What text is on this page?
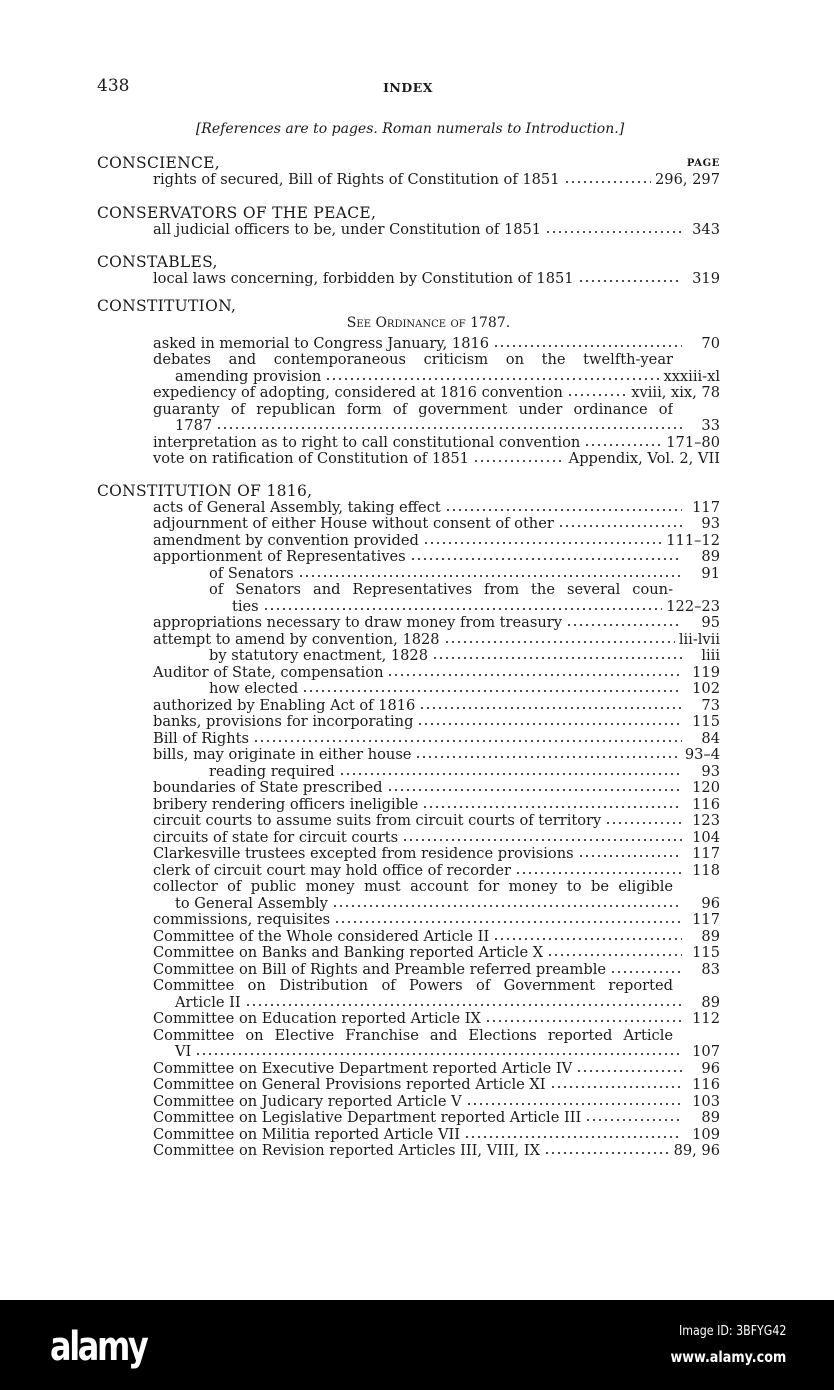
438	INDEX
[References are to pages. Roman numerals to Introduction.]
CONSCIENCE,	PAGE
rights of secured, Bill of Rights of Constitution of 1851	296, 297
CONSERVATORS OF THE PEACE,
all judicial officers to be, under Constitution of 1851	343
CONSTABLES,
local laws concerning, forbidden by Constitution of 1851	319
CONSTITUTION,
See Ordinance of 1787.
asked in memorial to Congress January, 1816	70
debates and contemporaneous criticism on the twelfth-year
amending provision	xxxiii-xl
expediency of adopting, considered at 1816 convention	xviii, xix, 78
guaranty of republican form of government under ordinance of
1787	33
interpretation as to right to call constitutional convention	171–80
vote on ratification of Constitution of 1851	Appendix, Vol. 2, VII
CONSTITUTION OF 1816,
acts of General Assembly, taking effect	117
adjournment of either House without consent of other	93
amendment by convention provided	111–12
apportionment of Representatives	89
of Senators	91
of Senators and Representatives from the several coun-
ties	122–23
appropriations necessary to draw money from treasury	95
attempt to amend by convention, 1828	lii-lvii
by statutory enactment, 1828	liii
Auditor of State, compensation	119
how elected	102
authorized by Enabling Act of 1816	73
banks, provisions for incorporating	115
Bill of Rights	84
bills, may originate in either house	93–4
reading required	93
boundaries of State prescribed	120
bribery rendering officers ineligible	116
circuit courts to assume suits from circuit courts of territory	123
circuits of state for circuit courts	104
Clarkesville trustees excepted from residence provisions	117
clerk of circuit court may hold office of recorder	118
collector of public money must account for money to be eligible
to General Assembly	96
commissions, requisites	117
Committee of the Whole considered Article II	89
Committee on Banks and Banking reported Article X	115
Committee on Bill of Rights and Preamble referred preamble	83
Committee on Distribution of Powers of Government reported
Article II	89
Committee on Education reported Article IX	112
Committee on Elective Franchise and Elections reported Article
VI	107
Committee on Executive Department reported Article IV	96
Committee on General Provisions reported Article XI	116
Committee on Judicary reported Article V	103
Committee on Legislative Department reported Article III	89
Committee on Militia reported Article VII	109
Committee on Revision reported Articles III, VIII, IX	89, 96
alamy	Image ID: 3BFYG42
www.alamy.com
